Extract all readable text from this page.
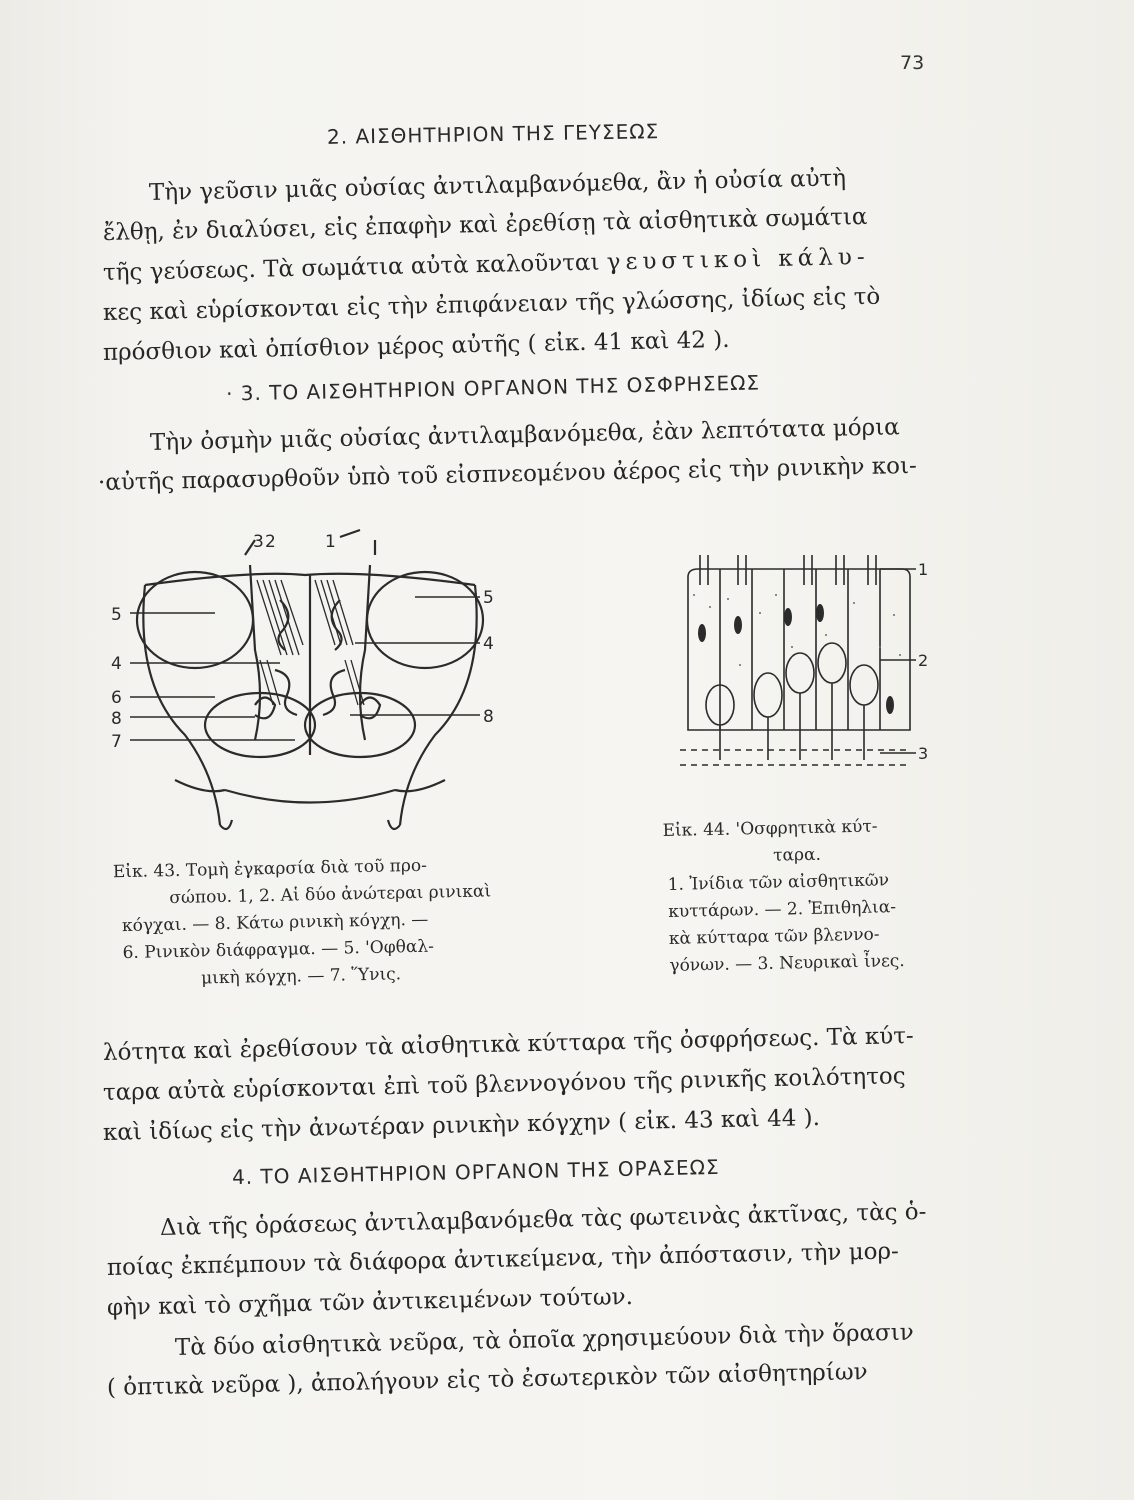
73
2. ΑΙΣΘΗΤΗΡΙΟΝ ΤΗΣ ΓΕΥΣΕΩΣ
Τὴν γεῦσιν μιᾶς οὐσίας ἀντιλαμβανόμεθα, ἂν ἡ οὐσία αὐτὴ
ἔλθῃ, ἐν διαλύσει, εἰς ἐπαφὴν καὶ ἐρεθίσῃ τὰ αἰσθητικὰ σωμάτια
τῆς γεύσεως. Τὰ σωμάτια αὐτὰ καλοῦνται γευστικοὶ κάλυ-
κες καὶ εὑρίσκονται εἰς τὴν ἐπιφάνειαν τῆς γλώσσης, ἰδίως εἰς τὸ
πρόσθιον καὶ ὀπίσθιον μέρος αὐτῆς ( εἰκ. 41 καὶ 42 ).
· 3. ΤΟ ΑΙΣΘΗΤΗΡΙΟΝ ΟΡΓΑΝΟΝ ΤΗΣ ΟΣΦΡΗΣΕΩΣ
Τὴν ὀσμὴν μιᾶς οὐσίας ἀντιλαμβανόμεθα, ἐὰν λεπτότατα μόρια
·αὐτῆς παρασυρθοῦν ὑπὸ τοῦ εἰσπνεομένου ἀέρος εἰς τὴν ρινικὴν κοι-
3 2	1
5
4
6
8
7
5
4
8
Εἰκ. 43. Τομὴ ἐγκαρσία διὰ τοῦ προ-
σώπου. 1, 2. Αἱ δύο ἀνώτεραι ρινικαὶ
κόγχαι. — 8. Κάτω ρινικὴ κόγχη. —
6. Ρινικὸν διάφραγμα. — 5. 'Οφθαλ-
μικὴ κόγχη. — 7. Ὕνις.
1
2
3
Εἰκ. 44. 'Οσφρητικὰ κύτ-
ταρα.
1. Ἰνίδια τῶν αἰσθητικῶν
κυττάρων. — 2. Ἐπιθηλια-
κὰ κύτταρα τῶν βλεννο-
γόνων. — 3. Νευρικαὶ ἶνες.
λότητα καὶ ἐρεθίσουν τὰ αἰσθητικὰ κύτταρα τῆς ὀσφρήσεως. Τὰ κύτ-
ταρα αὐτὰ εὑρίσκονται ἐπὶ τοῦ βλεννογόνου τῆς ρινικῆς κοιλότητος
καὶ ἰδίως εἰς τὴν ἀνωτέραν ρινικὴν κόγχην ( εἰκ. 43 καὶ 44 ).
4. ΤΟ ΑΙΣΘΗΤΗΡΙΟΝ ΟΡΓΑΝΟΝ ΤΗΣ ΟΡΑΣΕΩΣ
Διὰ τῆς ὁράσεως ἀντιλαμβανόμεθα τὰς φωτεινὰς ἀκτῖνας, τὰς ὁ-
ποίας ἐκπέμπουν τὰ διάφορα ἀντικείμενα, τὴν ἀπόστασιν, τὴν μορ-
φὴν καὶ τὸ σχῆμα τῶν ἀντικειμένων τούτων.
Τὰ δύο αἰσθητικὰ νεῦρα, τὰ ὁποῖα χρησιμεύουν διὰ τὴν ὅρασιν
( ὀπτικὰ νεῦρα ), ἀπολήγουν εἰς τὸ ἐσωτερικὸν τῶν αἰσθητηρίων
